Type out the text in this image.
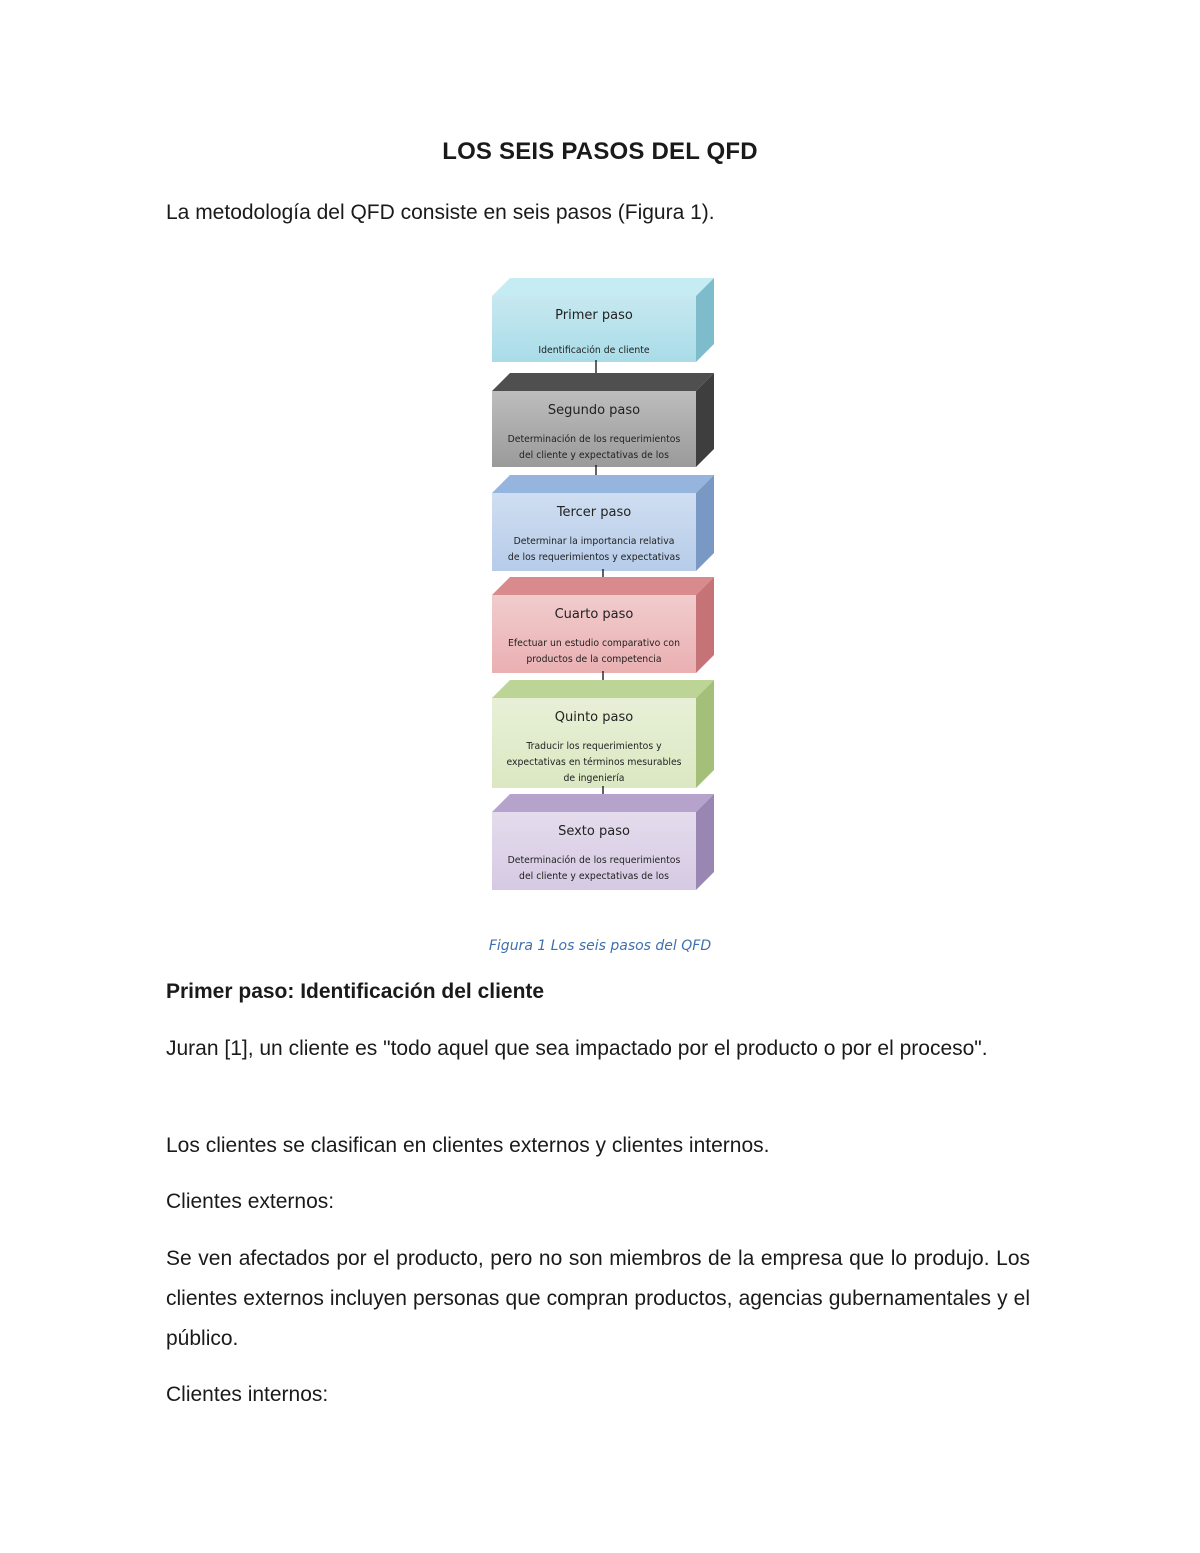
LOS SEIS PASOS DEL QFD
La metodología del QFD consiste en seis pasos (Figura 1).
Primer paso
Identificación de cliente
Segundo paso
Determinación de los requerimientos
del cliente y expectativas de los
Tercer paso
Determinar la importancia relativa
de los requerimientos y expectativas
Cuarto paso
Efectuar un estudio comparativo con
productos de la competencia
Quinto paso
Traducir los requerimientos y
expectativas en términos mesurables
de ingeniería
Sexto paso
Determinación de los requerimientos
del cliente y expectativas de los
Figura 1 Los seis pasos del QFD
Primer paso: Identificación del cliente
Juran [1], un cliente es "todo aquel que sea impactado por el producto o por el proceso".
Los clientes se clasifican en clientes externos y clientes internos.
Clientes externos:
Se ven afectados por el producto, pero no son miembros de la empresa que lo produjo. Los clientes externos incluyen personas que compran productos, agencias gubernamentales y el público.
Clientes internos:
